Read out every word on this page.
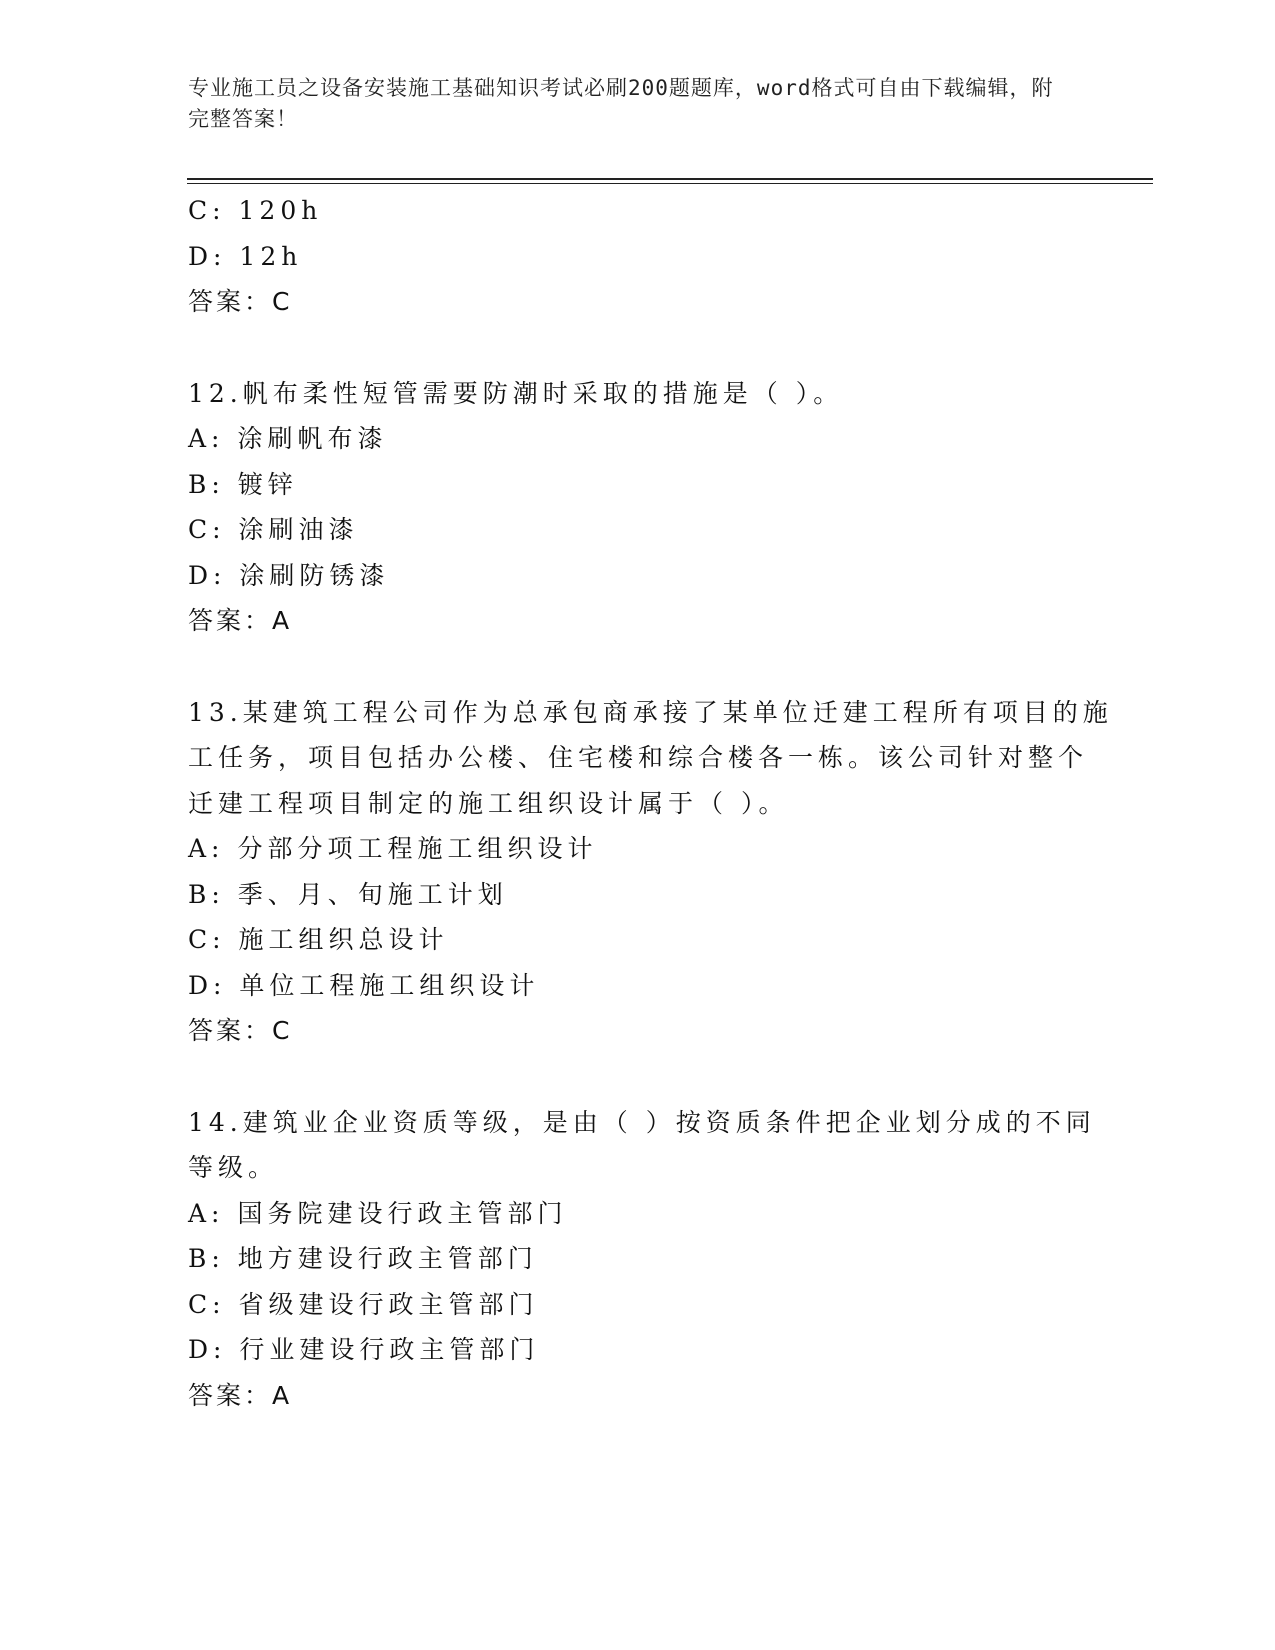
专业施工员之设备安装施工基础知识考试必刷200题题库，word格式可自由下载编辑，附完整答案！
C: 120h
D: 12h
答案：C
12.帆布柔性短管需要防潮时采取的措施是（ ）。
A: 涂刷帆布漆
B: 镀锌
C: 涂刷油漆
D: 涂刷防锈漆
答案：A
13.某建筑工程公司作为总承包商承接了某单位迁建工程所有项目的施
工任务，项目包括办公楼、住宅楼和综合楼各一栋。该公司针对整个
迁建工程项目制定的施工组织设计属于（ ）。
A: 分部分项工程施工组织设计
B: 季、月、旬施工计划
C: 施工组织总设计
D: 单位工程施工组织设计
答案：C
14.建筑业企业资质等级，是由（ ）按资质条件把企业划分成的不同
等级。
A: 国务院建设行政主管部门
B: 地方建设行政主管部门
C: 省级建设行政主管部门
D: 行业建设行政主管部门
答案：A
